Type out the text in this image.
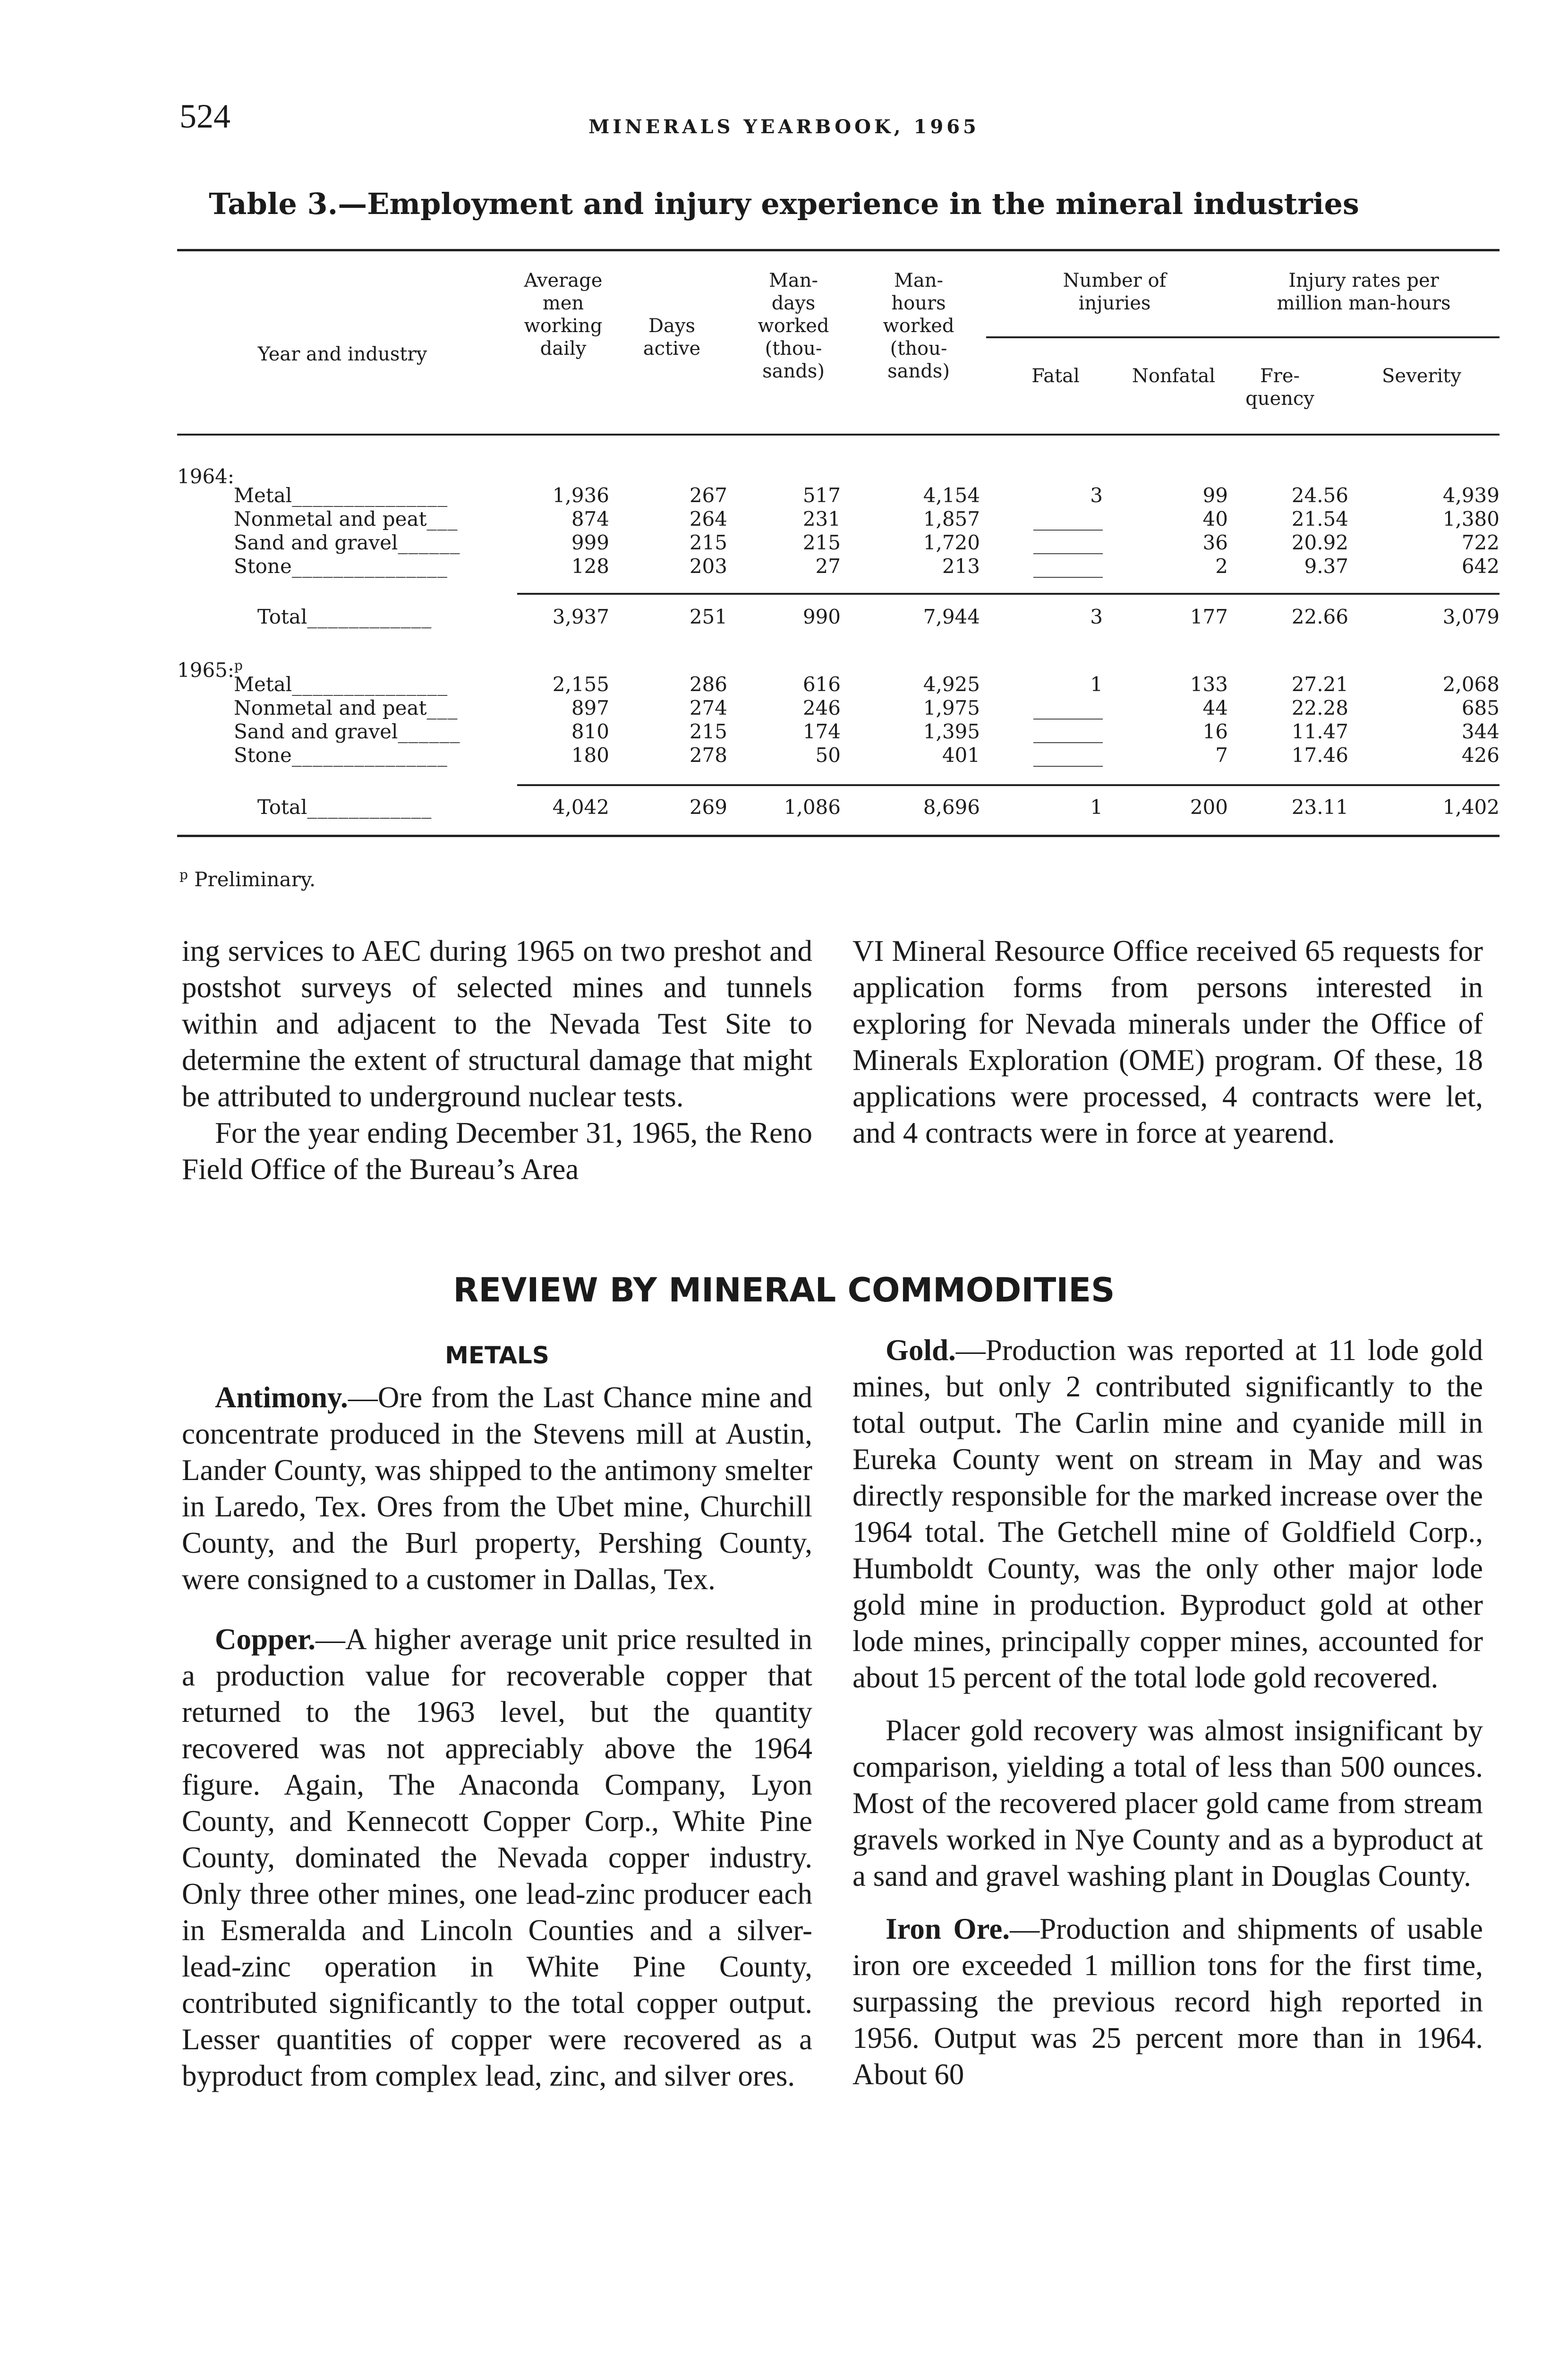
524	MINERALS YEARBOOK, 1965
Table 3.—Employment and injury experience in the mineral industries
Year and industry
Average
men
working
daily
Days
active
Man-
days
worked
(thou-
sands)
Man-
hours
worked
(thou-
sands)
Number of
injuries
Injury rates per
million man-hours
Fatal	Nonfatal	Fre-
quency
Severity
1964:
1965:$^p$
Metal_______________	1,936	267	517	4,154	3	99	24.56	4,939
Nonmetal and peat___	874	264	231	1,857	_______	40	21.54	1,380
Sand and gravel______	999	215	215	1,720	_______	36	20.92	722
Stone_______________	128	203	27	213	_______	2	9.37	642
Total____________	3,937	251	990	7,944	3	177	22.66	3,079
Metal_______________	2,155	286	616	4,925	1	133	27.21	2,068
Nonmetal and peat___	897	274	246	1,975	_______	44	22.28	685
Sand and gravel______	810	215	174	1,395	_______	16	11.47	344
Stone_______________	180	278	50	401	_______	7	17.46	426
Total____________	4,042	269	1,086	8,696	1	200	23.11	1,402
$^p$ Preliminary.

ing services to AEC during 1965 on two preshot and postshot surveys of selected mines and tunnels within and adjacent to the Nevada Test Site to determine the extent of structural damage that might be attributed to underground nuclear tests.

For the year ending December 31, 1965, the Reno Field Office of the Bureau’s Area

VI Mineral Resource Office received 65 requests for application forms from persons interested in exploring for Nevada minerals under the Office of Minerals Exploration (OME) program. Of these, 18 applications were processed, 4 contracts were let, and 4 contracts were in force at yearend.

REVIEW BY MINERAL COMMODITIES
METALS

Antimony.—Ore from the Last Chance mine and concentrate produced in the Stevens mill at Austin, Lander County, was shipped to the antimony smelter in Laredo, Tex. Ores from the Ubet mine, Churchill County, and the Burl property, Pershing County, were consigned to a customer in Dallas, Tex.

Copper.—A higher average unit price resulted in a production value for recoverable copper that returned to the 1963 level, but the quantity recovered was not appreciably above the 1964 figure. Again, The Anaconda Company, Lyon County, and Kennecott Copper Corp., White Pine County, dominated the Nevada copper industry. Only three other mines, one lead-zinc producer each in Esmeralda and Lincoln Counties and a silver-lead-zinc operation in White Pine County, contributed significantly to the total copper output. Lesser quantities of copper were recovered as a byproduct from complex lead, zinc, and silver ores.

Gold.—Production was reported at 11 lode gold mines, but only 2 contributed significantly to the total output. The Carlin mine and cyanide mill in Eureka County went on stream in May and was directly responsible for the marked increase over the 1964 total. The Getchell mine of Goldfield Corp., Humboldt County, was the only other major lode gold mine in production. Byproduct gold at other lode mines, principally copper mines, accounted for about 15 percent of the total lode gold recovered.

Placer gold recovery was almost insignificant by comparison, yielding a total of less than 500 ounces. Most of the recovered placer gold came from stream gravels worked in Nye County and as a byproduct at a sand and gravel washing plant in Douglas County.

Iron Ore.—Production and shipments of usable iron ore exceeded 1 million tons for the first time, surpassing the previous record high reported in 1956. Output was 25 percent more than in 1964. About 60
